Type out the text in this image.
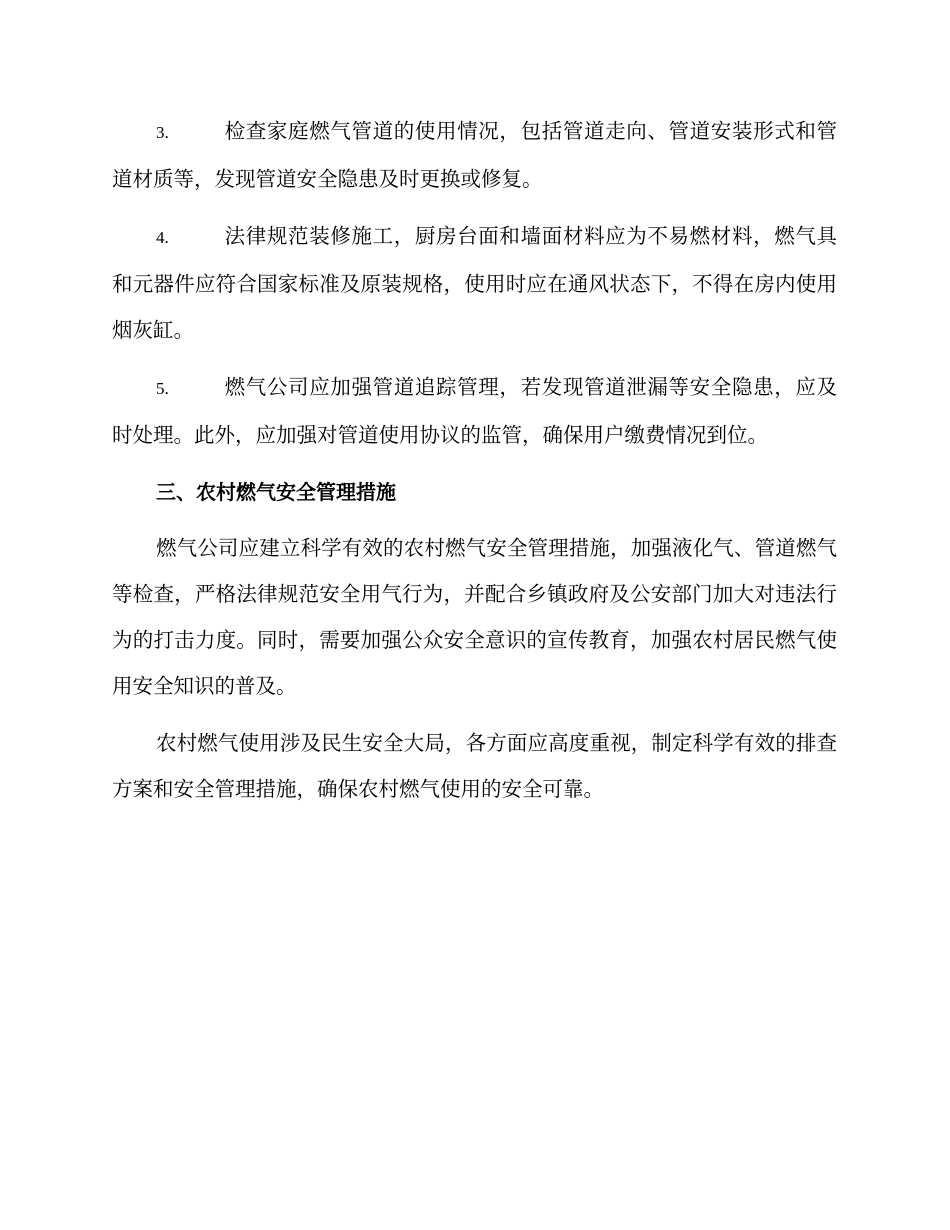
3.	检查家庭燃气管道的使用情况，包括管道走向、管道安装形式和管道材质等，发现管道安全隐患及时更换或修复。
4.	法律规范装修施工，厨房台面和墙面材料应为不易燃材料，燃气具和元器件应符合国家标准及原装规格，使用时应在通风状态下，不得在房内使用烟灰缸。
5.	燃气公司应加强管道追踪管理，若发现管道泄漏等安全隐患，应及时处理。此外，应加强对管道使用协议的监管，确保用户缴费情况到位。
三、农村燃气安全管理措施

燃气公司应建立科学有效的农村燃气安全管理措施，加强液化气、管道燃气等检查，严格法律规范安全用气行为，并配合乡镇政府及公安部门加大对违法行为的打击力度。同时，需要加强公众安全意识的宣传教育，加强农村居民燃气使用安全知识的普及。

农村燃气使用涉及民生安全大局，各方面应高度重视，制定科学有效的排查方案和安全管理措施，确保农村燃气使用的安全可靠。
